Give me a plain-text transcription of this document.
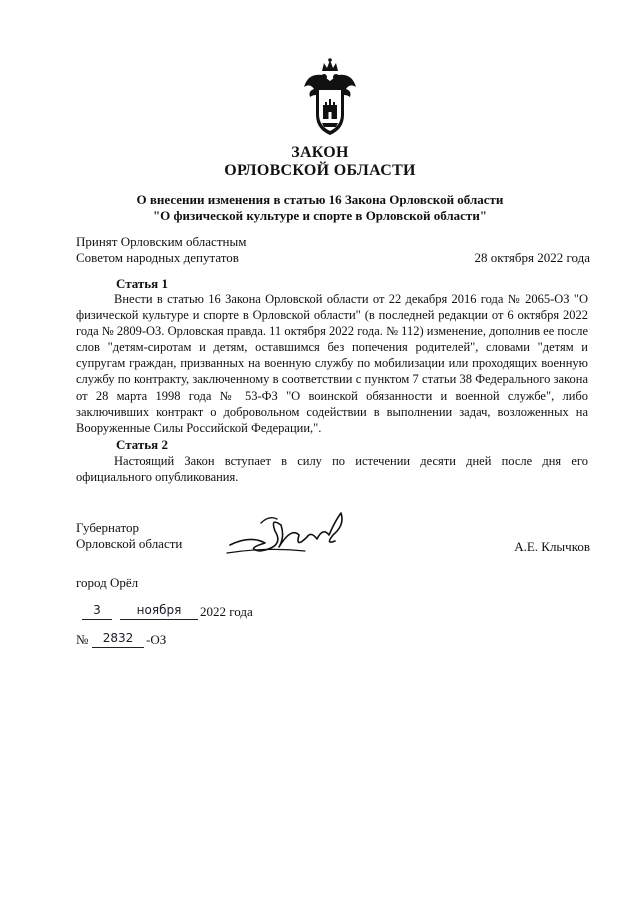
ЗАКОН
ОРЛОВСКОЙ ОБЛАСТИ
О внесении изменения в статью 16 Закона Орловской области
"О физической культуре и спорте в Орловской области"
Принят Орловским областным
Советом народных депутатов	28 октября 2022 года
Статья 1
Внести в статью 16 Закона Орловской области от 22 декабря 2016 года № 2065-ОЗ "О физической культуре и спорте в Орловской области" (в последней редакции от 6 октября 2022 года № 2809-ОЗ. Орловская правда. 11 октября 2022 года. № 112) изменение, дополнив ее после слов "детям-сиротам и детям, оставшимся без попечения родителей", словами "детям и супругам граждан, призванных на военную службу по мобилизации или проходящих военную службу по контракту, заключенному в соответствии с пунктом 7 статьи 38 Федерального закона от 28 марта 1998 года № 53-ФЗ "О воинской обязанности и военной службе", либо заключивших контракт о добровольном содействии в выполнении задач, возложенных на Вооруженные Силы Российской Федерации,".
Статья 2
Настоящий Закон вступает в силу по истечении десяти дней после дня его официального опубликования.
Губернатор
Орловской области	А.Е. Клычков
город Орёл
3	ноября	2022 года
№	2832 -ОЗ
